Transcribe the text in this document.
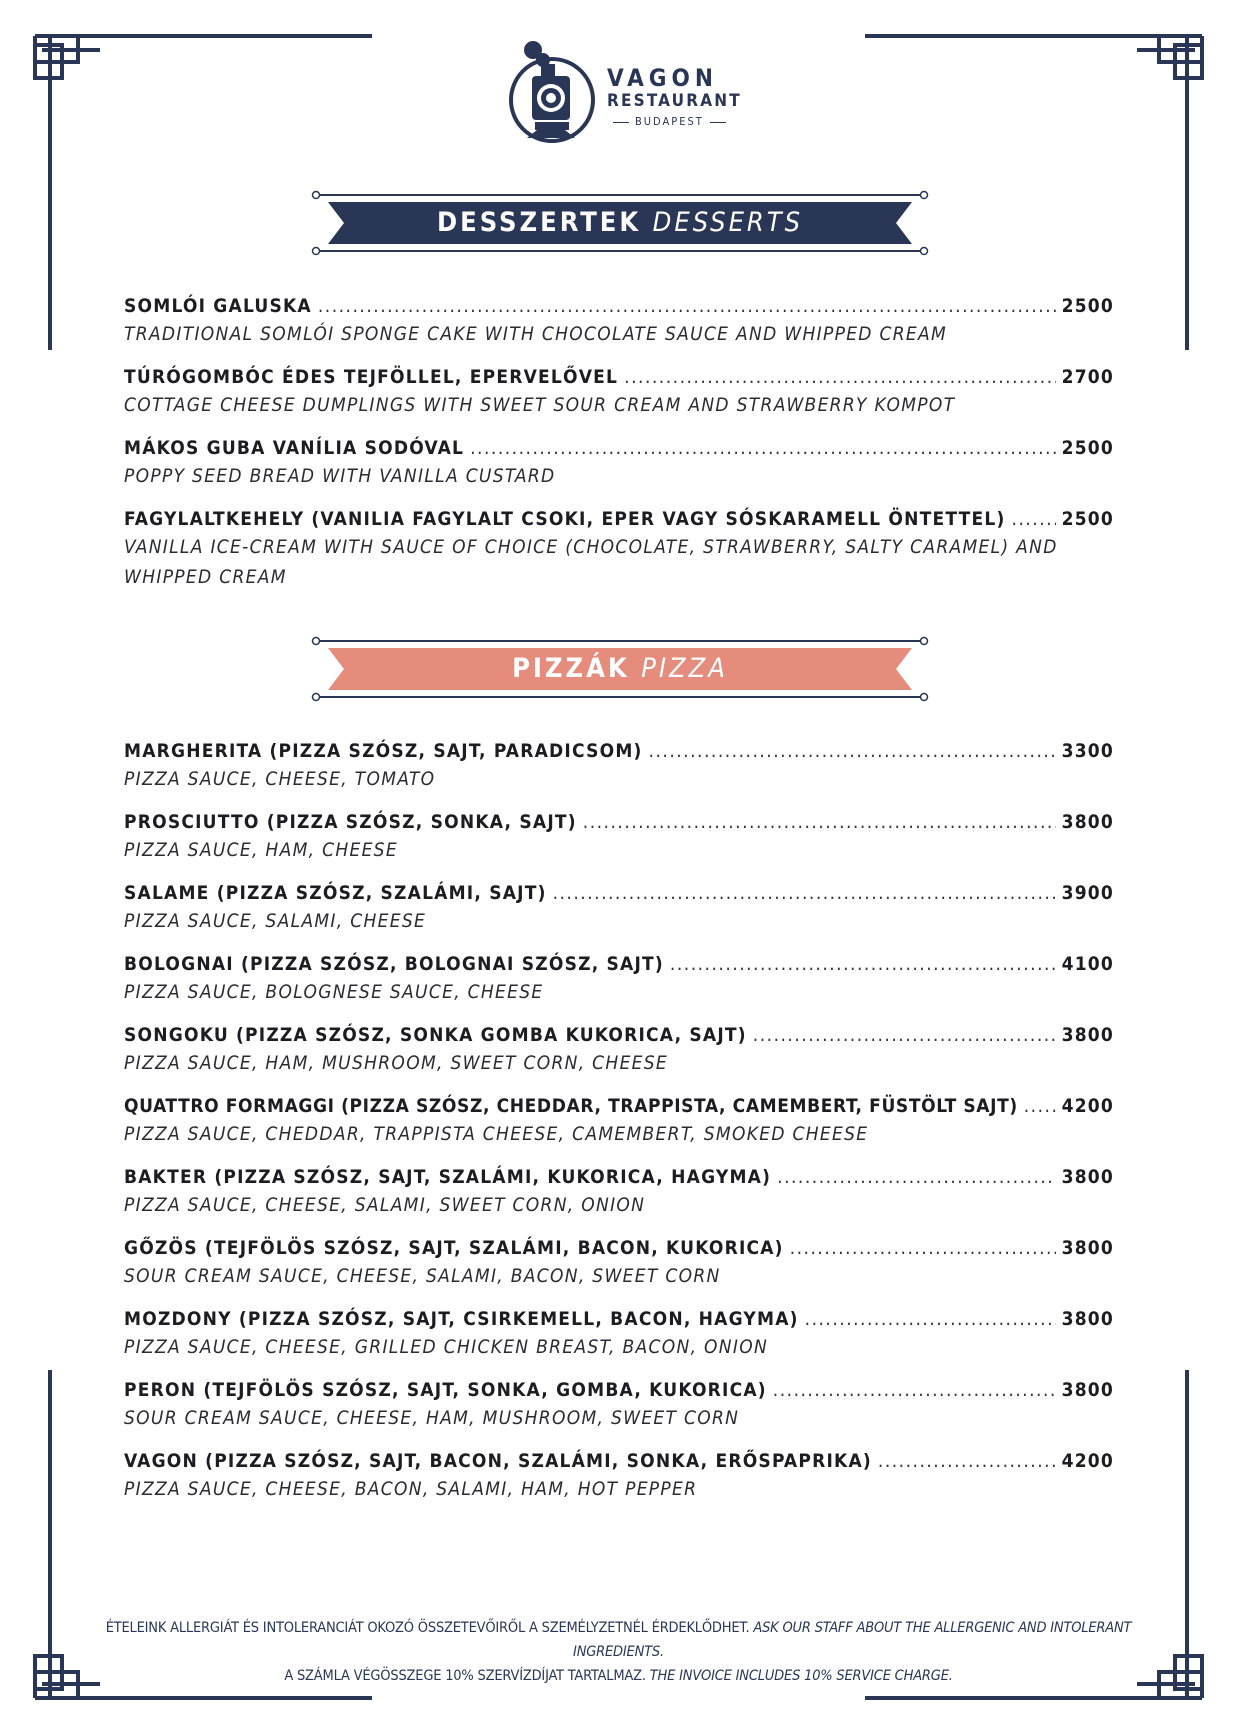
VAGON
RESTAURANT
BUDAPEST
DESSZERTEK DESSERTS
SOMLÓI GALUSKA .....	2500
TRADITIONAL SOMLÓI SPONGE CAKE WITH CHOCOLATE SAUCE AND WHIPPED CREAM
TÚRÓGOMBÓC ÉDES TEJFÖLLEL, EPERVELŐVEL .....	2700
COTTAGE CHEESE DUMPLINGS WITH SWEET SOUR CREAM AND STRAWBERRY KOMPOT
MÁKOS GUBA VANÍLIA SODÓVAL .....	2500
POPPY SEED BREAD WITH VANILLA CUSTARD
FAGYLALTKEHELY (VANILIA FAGYLALT CSOKI, EPER VAGY SÓSKARAMELL ÖNTETTEL) .....	2500
VANILLA ICE-CREAM WITH SAUCE OF CHOICE (CHOCOLATE, STRAWBERRY, SALTY CARAMEL) AND WHIPPED CREAM
PIZZÁK PIZZA
MARGHERITA (PIZZA SZÓSZ, SAJT, PARADICSOM) .....	3300
PIZZA SAUCE, CHEESE, TOMATO
PROSCIUTTO (PIZZA SZÓSZ, SONKA, SAJT) .....	3800
PIZZA SAUCE, HAM, CHEESE
SALAME (PIZZA SZÓSZ, SZALÁMI, SAJT) .....	3900
PIZZA SAUCE, SALAMI, CHEESE
BOLOGNAI (PIZZA SZÓSZ, BOLOGNAI SZÓSZ, SAJT) .....	4100
PIZZA SAUCE, BOLOGNESE SAUCE, CHEESE
SONGOKU (PIZZA SZÓSZ, SONKA GOMBA KUKORICA, SAJT) .....	3800
PIZZA SAUCE, HAM, MUSHROOM, SWEET CORN, CHEESE
QUATTRO FORMAGGI (PIZZA SZÓSZ, CHEDDAR, TRAPPISTA, CAMEMBERT, FÜSTÖLT SAJT) ..... 4200
PIZZA SAUCE, CHEDDAR, TRAPPISTA CHEESE, CAMEMBERT, SMOKED CHEESE
BAKTER (PIZZA SZÓSZ, SAJT, SZALÁMI, KUKORICA, HAGYMA) .....	3800
PIZZA SAUCE, CHEESE, SALAMI, SWEET CORN, ONION
GŐZÖS (TEJFÖLÖS SZÓSZ, SAJT, SZALÁMI, BACON, KUKORICA) .....	3800
SOUR CREAM SAUCE, CHEESE, SALAMI, BACON, SWEET CORN
MOZDONY (PIZZA SZÓSZ, SAJT, CSIRKEMELL, BACON, HAGYMA) .....	3800
PIZZA SAUCE, CHEESE, GRILLED CHICKEN BREAST, BACON, ONION
PERON (TEJFÖLÖS SZÓSZ, SAJT, SONKA, GOMBA, KUKORICA) .....	3800
SOUR CREAM SAUCE, CHEESE, HAM, MUSHROOM, SWEET CORN
VAGON (PIZZA SZÓSZ, SAJT, BACON, SZALÁMI, SONKA, ERŐSPAPRIKA) .....	4200
PIZZA SAUCE, CHEESE, BACON, SALAMI, HAM, HOT PEPPER
ÉTELEINK ALLERGIÁT ÉS INTOLERANCIÁT OKOZÓ ÖSSZETEVŐIRŐL A SZEMÉLYZETNÉL ÉRDEKLŐDHET. ASK OUR STAFF ABOUT THE ALLERGENIC AND INTOLERANT INGREDIENTS.
A SZÁMLA VÉGÖSSZEGE 10% SZERVÍZDÍJAT TARTALMAZ. THE INVOICE INCLUDES 10% SERVICE CHARGE.
